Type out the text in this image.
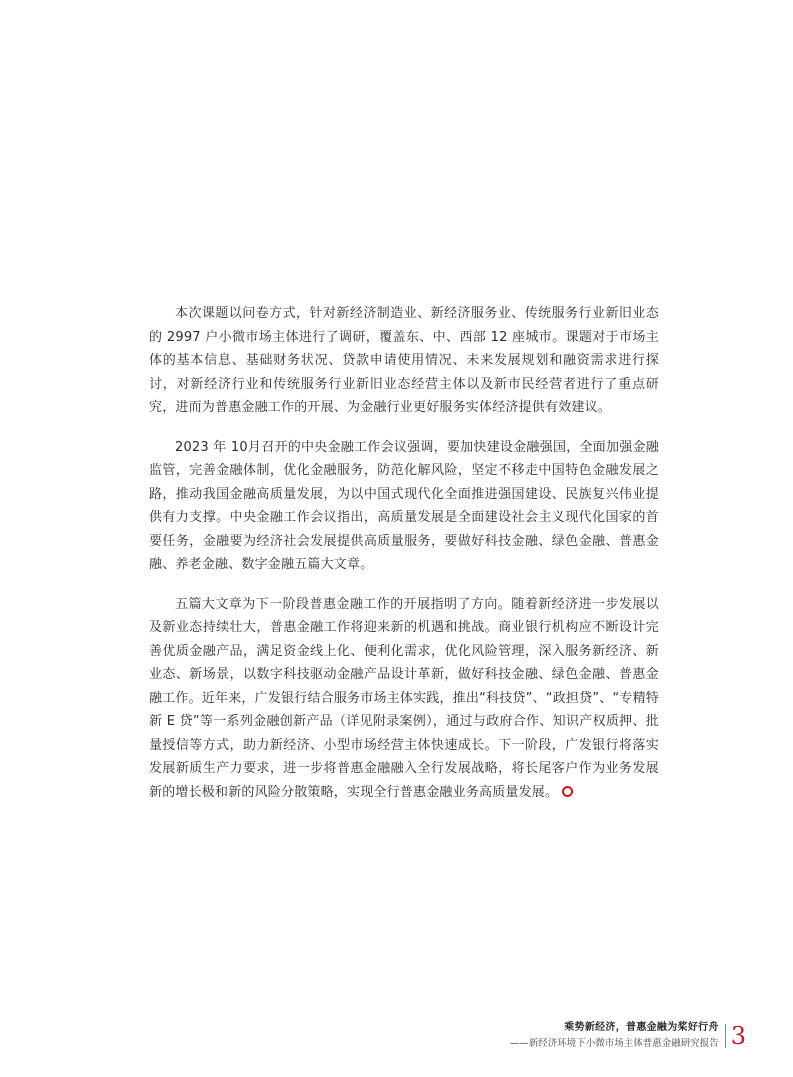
本次课题以问卷方式，针对新经济制造业、新经济服务业、传统服务行业新旧业态的 2997 户小微市场主体进行了调研，覆盖东、中、西部 12 座城市。课题对于市场主体的基本信息、基础财务状况、贷款申请使用情况、未来发展规划和融资需求进行探讨，对新经济行业和传统服务行业新旧业态经营主体以及新市民经营者进行了重点研究，进而为普惠金融工作的开展、为金融行业更好服务实体经济提供有效建议。

2023 年 10月召开的中央金融工作会议强调，要加快建设金融强国，全面加强金融监管，完善金融体制，优化金融服务，防范化解风险，坚定不移走中国特色金融发展之路，推动我国金融高质量发展，为以中国式现代化全面推进强国建设、民族复兴伟业提供有力支撑。中央金融工作会议指出，高质量发展是全面建设社会主义现代化国家的首要任务，金融要为经济社会发展提供高质量服务，要做好科技金融、绿色金融、普惠金融、养老金融、数字金融五篇大文章。

五篇大文章为下一阶段普惠金融工作的开展指明了方向。随着新经济进一步发展以及新业态持续壮大，普惠金融工作将迎来新的机遇和挑战。商业银行机构应不断设计完善优质金融产品，满足资金线上化、便利化需求，优化风险管理，深入服务新经济、新业态、新场景，以数字科技驱动金融产品设计革新，做好科技金融、绿色金融、普惠金融工作。近年来，广发银行结合服务市场主体实践，推出“科技贷”、“政担贷”、“专精特新 E 贷”等一系列金融创新产品（详见附录案例），通过与政府合作、知识产权质押、批量授信等方式，助力新经济、小型市场经营主体快速成长。下一阶段，广发银行将落实发展新质生产力要求，进一步将普惠金融融入全行发展战略，将长尾客户作为业务发展新的增长极和新的风险分散策略，实现全行普惠金融业务高质量发展。

乘势新经济，普惠金融为桨好行舟
——新经济环境下小微市场主体普惠金融研究报告 3
